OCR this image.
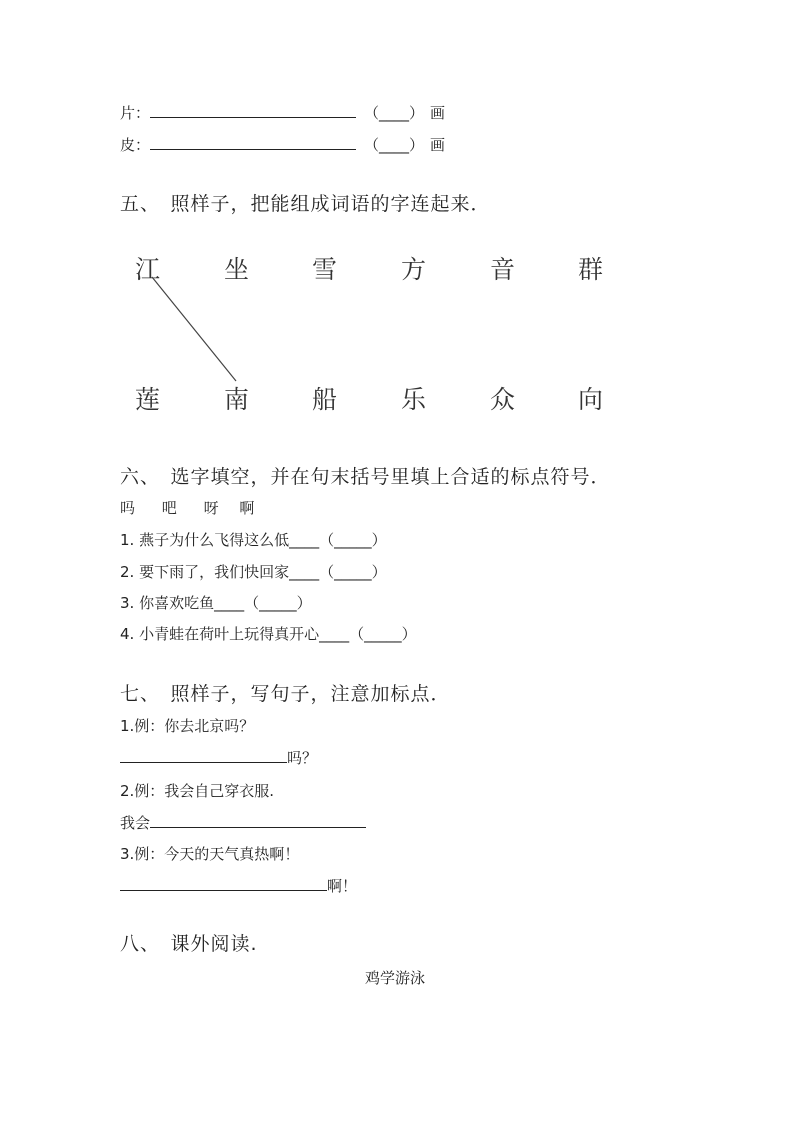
片：	（____） 画
皮：	（____） 画
五、　照样子，把能组成词语的字连起来．
江	坐	雪	方	音	群
莲	南	船	乐	众	向
六、　选字填空，并在句末括号里填上合适的标点符号．
吗 吧 呀 啊
1. 燕子为什么飞得这么低____（_____）
2. 要下雨了，我们快回家____（_____）
3. 你喜欢吃鱼____（_____）
4. 小青蛙在荷叶上玩得真开心____（_____）
七、　照样子，写句子，注意加标点．
1.例：你去北京吗？
吗？
2.例：我会自己穿衣服.
我会
3.例：今天的天气真热啊！
啊！
八、　课外阅读.
鸡学游泳
